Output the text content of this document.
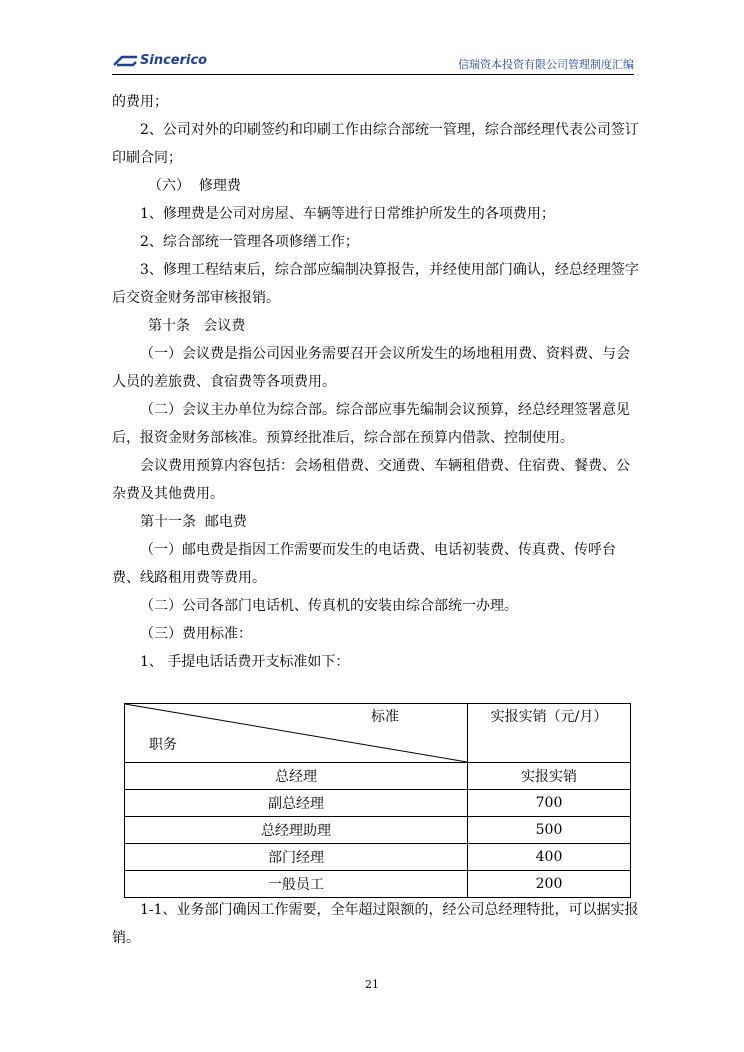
Sincerico	信瑞资本投资有限公司管理制度汇编

的费用；

2、公司对外的印刷签约和印刷工作由综合部统一管理，综合部经理代表公司签订印刷合同；

（六）  修理费

1、修理费是公司对房屋、车辆等进行日常维护所发生的各项费用；

2、综合部统一管理各项修缮工作；

3、修理工程结束后，综合部应编制决算报告，并经使用部门确认，经总经理签字后交资金财务部审核报销。

第十条   会议费

（一）会议费是指公司因业务需要召开会议所发生的场地租用费、资料费、与会人员的差旅费、食宿费等各项费用。

（二）会议主办单位为综合部。综合部应事先编制会议预算，经总经理签署意见后，报资金财务部核准。预算经批准后，综合部在预算内借款、控制使用。

会议费用预算内容包括：会场租借费、交通费、车辆租借费、住宿费、餐费、公杂费及其他费用。

第十一条  邮电费

（一）邮电费是指因工作需要而发生的电话费、电话初装费、传真费、传呼台费、线路租用费等费用。

（二）公司各部门电话机、传真机的安装由综合部统一办理。

（三）费用标准：

1、 手提电话话费开支标准如下：

标准
职务	实报实销（元/月）
总经理	实报实销
副总经理	700
总经理助理	500
部门经理	400
一般员工	200

1-1、业务部门确因工作需要，全年超过限额的，经公司总经理特批，可以据实报销。

21
